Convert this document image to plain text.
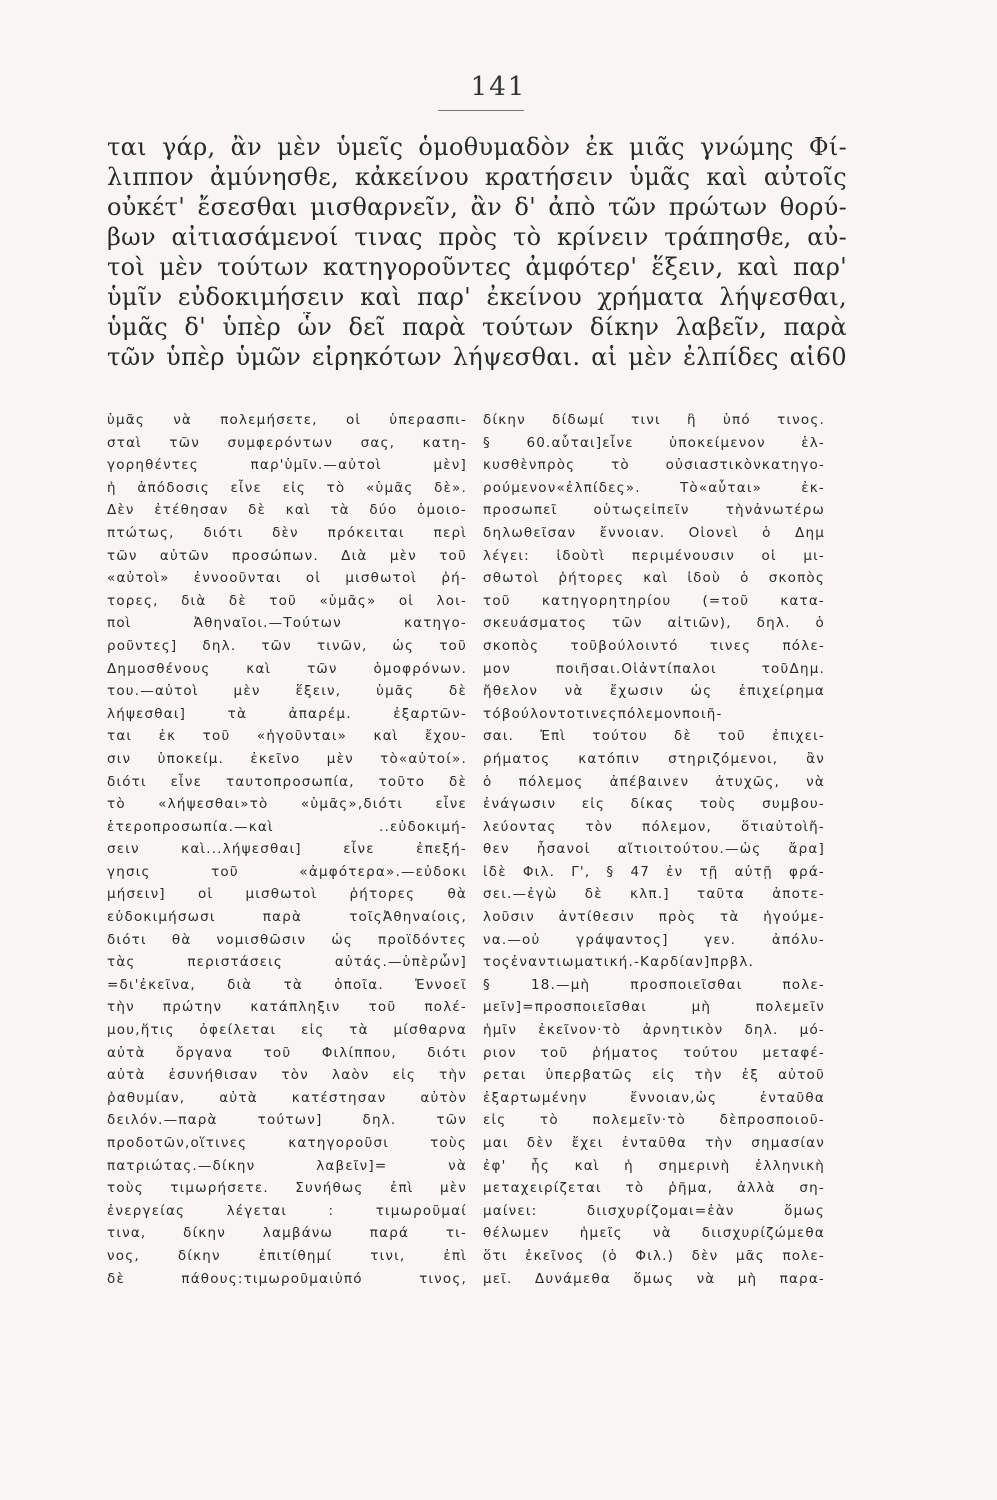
141
ται γάρ, ἂν μὲν ὑμεῖς ὁμοθυμαδὸν ἐκ μιᾶς γνώμης Φί-
λιππον ἀμύνησθε, κἀκείνου κρατήσειν ὑμᾶς καὶ αὐτοῖς
οὐκέτ' ἔσεσθαι μισθαρνεῖν, ἂν δ' ἀπὸ τῶν πρώτων θορύ-
βων αἰτιασάμενοί τινας πρὸς τὸ κρίνειν τράπησθε, αὐ-
τοὶ μὲν τούτων κατηγοροῦντες ἀμφότερ' ἕξειν, καὶ παρ'
ὑμῖν εὐδοκιμήσειν καὶ παρ' ἐκείνου χρήματα λήψεσθαι,
ὑμᾶς δ' ὑπὲρ ὧν δεῖ παρὰ τούτων δίκην λαβεῖν, παρὰ
τῶν ὑπὲρ ὑμῶν εἰρηκότων λήψεσθαι. αἱ μὲν ἐλπίδες αἱ60
ὑμᾶς νὰ πολεμήσετε, οἱ ὑπερασπι-
σταὶ τῶν συμφερόντων σας, κατη-
γορηθέντες παρ'ὑμῖν.—αὐτοὶ μὲν]
ἡ ἀπόδοσις εἶνε εἰς τὸ «ὑμᾶς δὲ».
Δὲν ἐτέθησαν δὲ καὶ τὰ δύο ὁμοιο-
πτώτως, διότι δὲν πρόκειται περὶ
τῶν αὐτῶν προσώπων. Διὰ μὲν τοῦ
«αὐτοὶ» ἐννοοῦνται οἱ μισθωτοὶ ῥή-
τορες, διὰ δὲ τοῦ «ὑμᾶς» οἱ λοι-
ποὶ Ἀθηναῖοι.—Τούτων κατηγο-
ροῦντες] δηλ. τῶν τινῶν, ὡς τοῦ
Δημοσθένους καὶ τῶν ὁμοφρόνων.
του.—αὐτοὶ μὲν ἕξειν, ὑμᾶς δὲ
λήψεσθαι] τὰ ἀπαρέμ. ἐξαρτῶν-
ται ἐκ τοῦ «ἡγοῦνται» καὶ ἔχου-
σιν ὑποκείμ. ἐκεῖνο μὲν τὸ«αὐτοί».
διότι εἶνε ταυτοπροσωπία, τοῦτο δὲ
τὸ «λήψεσθαι»τὸ «ὑμᾶς»,διότι εἶνε
ἑτεροπροσωπία.—καὶ ..εὐδοκιμή-
σειν καὶ...λήψεσθαι] εἶνε ἐπεξή-
γησις τοῦ «ἀμφότερα».—εὐδοκι
μήσειν] οἱ μισθωτοὶ ῥήτορες θὰ
εὐδοκιμήσωσι παρὰ τοῖςἈθηναίοις,
διότι θὰ νομισθῶσιν ὡς προϊδόντες
τὰς περιστάσεις αὐτάς.—ὑπὲρὧν]
=δι'ἐκεῖνα, διὰ τὰ ὁποῖα. Ἐννοεῖ
τὴν πρώτην κατάπληξιν τοῦ πολέ-
μου,ἥτις ὀφείλεται εἰς τὰ μίσθαρνα
αὐτὰ ὄργανα τοῦ Φιλίππου, διότι
αὐτὰ ἐσυνήθισαν τὸν λαὸν εἰς τὴν
ῥαθυμίαν, αὐτὰ κατέστησαν αὐτὸν
δειλόν.—παρὰ τούτων] δηλ. τῶν
προδοτῶν,οἵτινες κατηγοροῦσι τοὺς
πατριώτας.—δίκην λαβεῖν]= νὰ
τοὺς τιμωρήσετε. Συνήθως ἐπὶ μὲν
ἐνεργείας λέγεται : τιμωροῦμαί
τινα, δίκην λαμβάνω παρά τι-
νος, δίκην ἐπιτίθημί τινι, ἐπὶ
δὲ πάθους:τιμωροῦμαιὑπό τινος,
δίκην δίδωμί τινι ἢ ὑπό τινος.
§ 60.αὗται]εἶνε ὑποκείμενον ἑλ-
κυσθὲνπρὸς τὸ οὐσιαστικὸνκατηγο-
ρούμενον«ἐλπίδες». Τὸ«αὗται» ἐκ-
προσωπεῖ οὑτωςεἰπεῖν τὴνἀνωτέρω
δηλωθεῖσαν ἔννοιαν. Οἱονεὶ ὁ Δημ
λέγει: ἰδοὺτὶ περιμένουσιν οἱ μι-
σθωτοὶ ῥήτορες καὶ ἰδοὺ ὁ σκοπὸς
τοῦ κατηγορητηρίου (=τοῦ κατα-
σκευάσματος τῶν αἰτιῶν), δηλ. ὁ
σκοπὸς τοῦβούλοιντό τινες πόλε-
μον ποιῆσαι.Οἱἀντίπαλοι τοῦΔημ.
ἤθελον νὰ ἔχωσιν ὡς ἐπιχείρημα
τόβούλοντοτινεςπόλεμονποιῆ-
σαι. Ἐπὶ τούτου δὲ τοῦ ἐπιχει-
ρήματος κατόπιν στηριζόμενοι, ἂν
ὁ πόλεμος ἀπέβαινεν ἀτυχῶς, νὰ
ἐνάγωσιν εἰς δίκας τοὺς συμβου-
λεύοντας τὸν πόλεμον, ὅτιαὐτοὶἤ-
θεν ἦσανοἱ αἴτιοιτούτου.—ὡς ἄρα]
ἰδὲ Φιλ. Γ', § 47 ἐν τῇ αὐτῇ φρά-
σει.—ἐγὼ δὲ κλπ.] ταῦτα ἀποτε-
λοῦσιν ἀντίθεσιν πρὸς τὰ ἡγούμε-
να.—οὐ γράψαντος] γεν. ἀπόλυ-
τοςἐναντιωματική.-Καρδίαν]πρβλ.
§ 18.—μὴ προσποιεῖσθαι πολε-
μεῖν]=προσποιεῖσθαι μὴ πολεμεῖν
ἡμῖν ἐκεῖνον·τὸ ἀρνητικὸν δηλ. μό-
ριον τοῦ ῥήματος τούτου μεταφέ-
ρεται ὑπερβατῶς εἰς τὴν ἐξ αὐτοῦ
ἐξαρτωμένην ἔννοιαν,ὡς ἐνταῦθα
εἰς τὸ πολεμεῖν·τὸ δὲπροσποιοῦ-
μαι δὲν ἔχει ἐνταῦθα τὴν σημασίαν
ἐφ' ἧς καὶ ἡ σημερινὴ ἑλληνικὴ
μεταχειρίζεται τὸ ῥῆμα, ἀλλὰ ση-
μαίνει: διισχυρίζομαι=ἐὰν ὅμως
θέλωμεν ἡμεῖς νὰ διισχυρίζώμεθα
ὅτι ἐκεῖνος (ὁ Φιλ.) δὲν μᾶς πολε-
μεῖ. Δυνάμεθα ὅμως νὰ μὴ παρα-
